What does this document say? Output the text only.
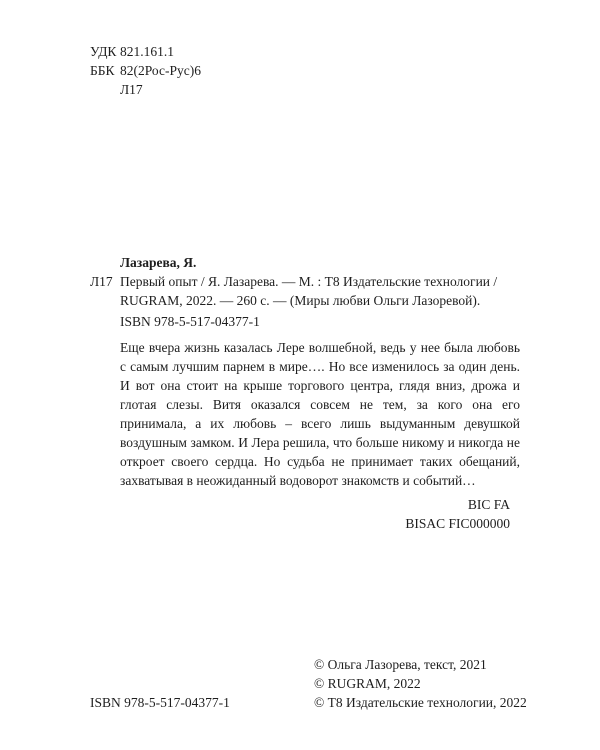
УДК 821.161.1
ББК 82(2Рос-Рус)6
Л17
Л17
Лазарева, Я.
Первый опыт / Я. Лазарева. — М. : Т8 Издательские технологии /
RUGRAM, 2022. — 260 с. — (Миры любви Ольги Лазоревой).
ISBN 978-5-517-04377-1

Еще вчера жизнь казалась Лере волшебной, ведь у нее была любовь с самым лучшим парнем в мире…. Но все изменилось за один день. И вот она стоит на крыше торгового центра, глядя вниз, дрожа и глотая слезы. Витя оказался совсем не тем, за кого она его принимала, а их любовь – всего лишь выдуманным девушкой воздушным замком. И Лера решила, что больше никому и никогда не откроет своего сердца. Но судьба не принимает таких обещаний, захватывая в неожиданный водоворот знакомств и событий…

BIC FA
BISAC FIC000000
© Ольга Лазорева, текст, 2021
© RUGRAM, 2022
© Т8 Издательские технологии, 2022
ISBN 978-5-517-04377-1
